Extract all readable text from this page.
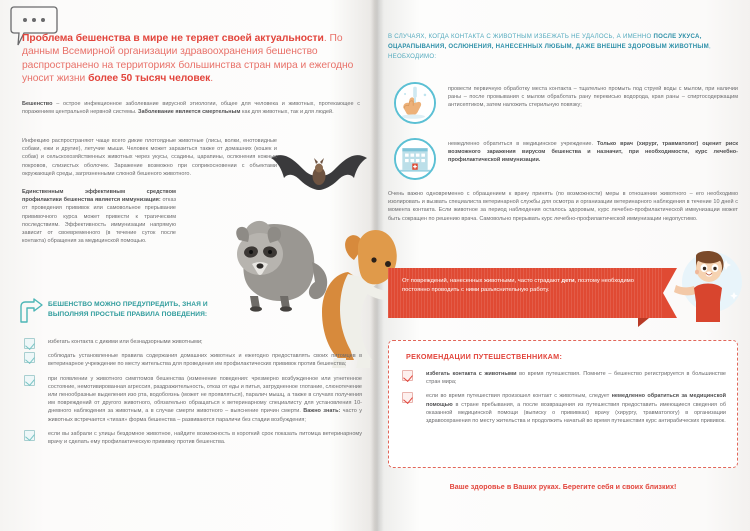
Проблема бешенства в мире не теряет своей актуальности. По данным Всемирной организации здравоохранения бешенство распространено на территориях большинства стран мира и ежегодно уносит жизни более 50 тысяч человек.

Бешенство – острое инфекционное заболевание вирусной этиологии, общее для человека и животных, протекающее с поражением центральной нервной системы. Заболевание является смертельным как для животных, так и для людей.

Инфекцию распространяют чаще всего дикие плотоядные животные (лисы, волки, енотовидные собаки, ежи и другие), летучие мыши. Человек может заразиться также от домашних (кошек и собак) и сельскохозяйственных животных через укусы, ссадины, царапины, ослюнения кожных покровов, слизистых оболочек. Заражение возможно при соприкосновении с объектами окружающей среды, загрязненными слюной бешеного животного.

Единственным эффективным средством профилактики бешенства является иммунизация: отказ от проведения прививок или самовольное прерывание прививочного курса может привести к трагическим последствиям. Эффективность иммунизации напрямую зависит от своевременного (в течение суток после контакта) обращения за медицинской помощью.

БЕШЕНСТВО МОЖНО ПРЕДУПРЕДИТЬ, ЗНАЯ И ВЫПОЛНЯЯ ПРОСТЫЕ ПРАВИЛА ПОВЕДЕНИЯ:
избегать контакта с дикими или безнадзорными животными;
соблюдать установленные правила содержания домашних животных и ежегодно предоставлять своих питомцев в ветеринарное учреждение по месту жительства для проведения им профилактических прививок против бешенства;
при появлении у животного симптомов бешенства (изменение поведения: чрезмерно возбужденное или угнетенное состояние, немотивированная агрессия, раздражительность, отказ от еды и питья, затрудненное глотание, слюнотечение или пенообразные выделения изо рта, водобоязнь (может не проявляться), паралич мышц, а также в случаях получения им повреждений от другого животного, обязательно обращаться к ветеринарному специалисту для установления 10-дневного наблюдения за животным, а в случае смерти животного – выяснение причин смерти. Важно знать: часто у животных встречается «тихая» форма бешенства – развиваются параличи без стадии возбуждения;
если вы забрали с улицы бездомное животное, найдите возможность в короткий срок показать питомца ветеринарному врачу и сделать ему профилактическую прививку против бешенства.
В СЛУЧАЯХ, КОГДА КОНТАКТА С ЖИВОТНЫМ ИЗБЕЖАТЬ НЕ УДАЛОСЬ, А ИМЕННО ПОСЛЕ УКУСА, ОЦАРАПЫВАНИЯ, ОСЛЮНЕНИЯ, НАНЕСЕННЫХ ЛЮБЫМ, ДАЖЕ ВНЕШНЕ ЗДОРОВЫМ ЖИВОТНЫМ, НЕОБХОДИМО:

провести первичную обработку места контакта – тщательно промыть под струей воды с мылом, при наличии раны – после промывания с мылом обработать рану перекисью водорода, края раны – спиртосодержащим антисептиком, затем наложить стерильную повязку;

немедленно обратиться в медицинское учреждение. Только врач (хирург, травматолог) оценит риск возможного заражения вирусом бешенства и назначит, при необходимости, курс лечебно-профилактической иммунизации.

Очень важно одновременно с обращением к врачу принять (по возможности) меры в отношении животного – его необходимо изолировать и вызвать специалиста ветеринарной службы для осмотра и организации ветеринарного наблюдения в течение 10 дней с момента контакта. Если животное за период наблюдения осталось здоровым, курс лечебно-профилактической иммунизации может быть сокращен по решению врача. Самовольно прерывать курс лечебно-профилактической иммунизации недопустимо.

От повреждений, нанесенных животными, часто страдают дети, поэтому необходимо постоянно проводить с ними разъяснительную работу.
РЕКОМЕНДАЦИИ ПУТЕШЕСТВЕННИКАМ:
избегать контакта с животными во время путешествия. Помните – бешенство регистрируется в большинстве стран мира;
если во время путешествия произошел контакт с животным, следует немедленно обратиться за медицинской помощью в стране пребывания, а после возвращения из путешествия предоставить имеющиеся сведения об оказанной медицинской помощи (выписку о прививках) врачу (хирургу, травматологу) в организации здравоохранения по месту жительства и продолжить начатый во время путешествия курс антирабических прививок.
Ваше здоровье в Ваших руках. Берегите себя и своих близких!
